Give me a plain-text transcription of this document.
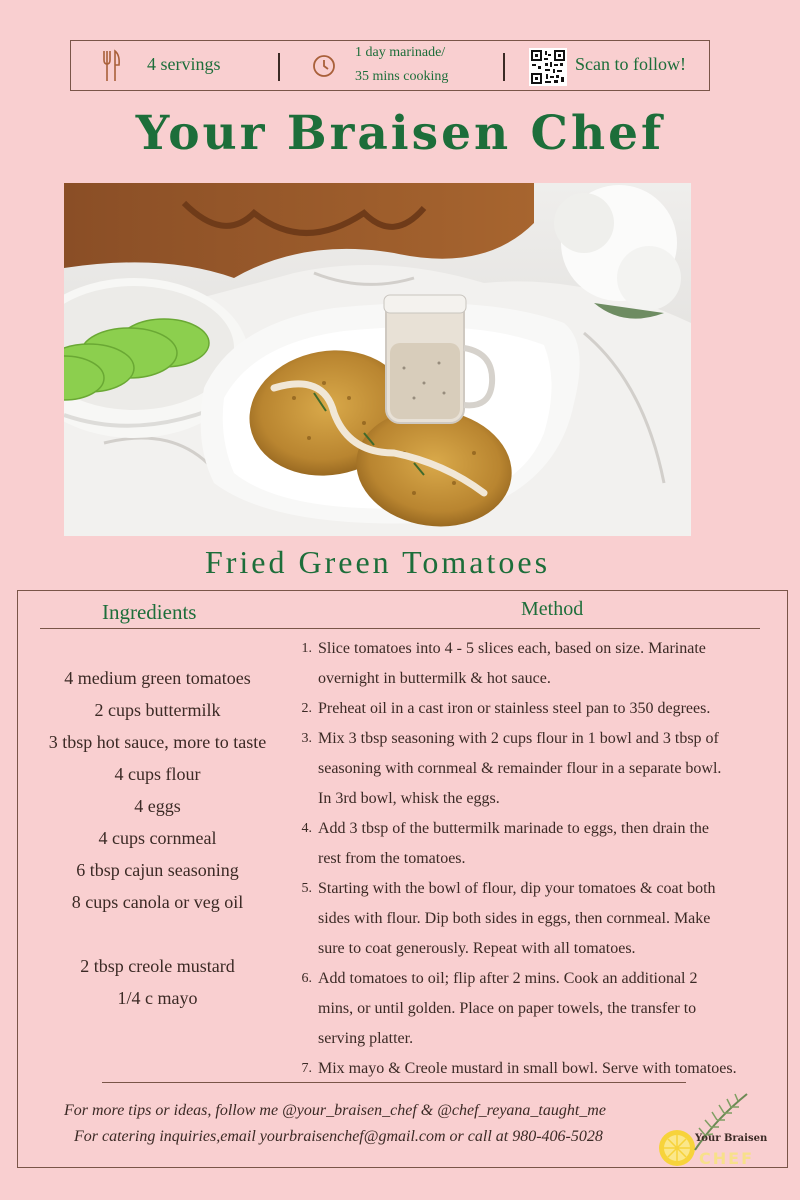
4 servings
1 day marinade/
35 mins cooking
Scan to follow!
Your Braisen Chef
Fried Green Tomatoes
Ingredients	Method
4 medium green tomatoes
2 cups buttermilk
3 tbsp hot sauce, more to taste
4 cups flour
4 eggs
4 cups cornmeal
6 tbsp cajun seasoning
8 cups canola or veg oil
2 tbsp creole mustard
1/4 c mayo
1. Slice tomatoes into 4 - 5 slices each, based on size. Marinate
overnight in buttermilk & hot sauce.
2. Preheat oil in a cast iron or stainless steel pan to 350 degrees.
3. Mix 3 tbsp seasoning with 2 cups flour in 1 bowl and 3 tbsp of
seasoning with cornmeal & remainder flour in a separate bowl.
In 3rd bowl, whisk the eggs.
4. Add 3 tbsp of the buttermilk marinade to eggs, then drain the
rest from the tomatoes.
5. Starting with the bowl of flour, dip your tomatoes & coat both
sides with flour. Dip both sides in eggs, then cornmeal. Make
sure to coat generously. Repeat with all tomatoes.
6. Add tomatoes to oil; flip after 2 mins. Cook an additional 2
mins, or until golden. Place on paper towels, the transfer to
serving platter.
7. Mix mayo & Creole mustard in small bowl. Serve with tomatoes.
For more tips or ideas, follow me @your_braisen_chef & @chef_reyana_taught_me
For catering inquiries,email yourbraisenchef@gmail.com or call at 980-406-5028	Your Braisen
CHEF
